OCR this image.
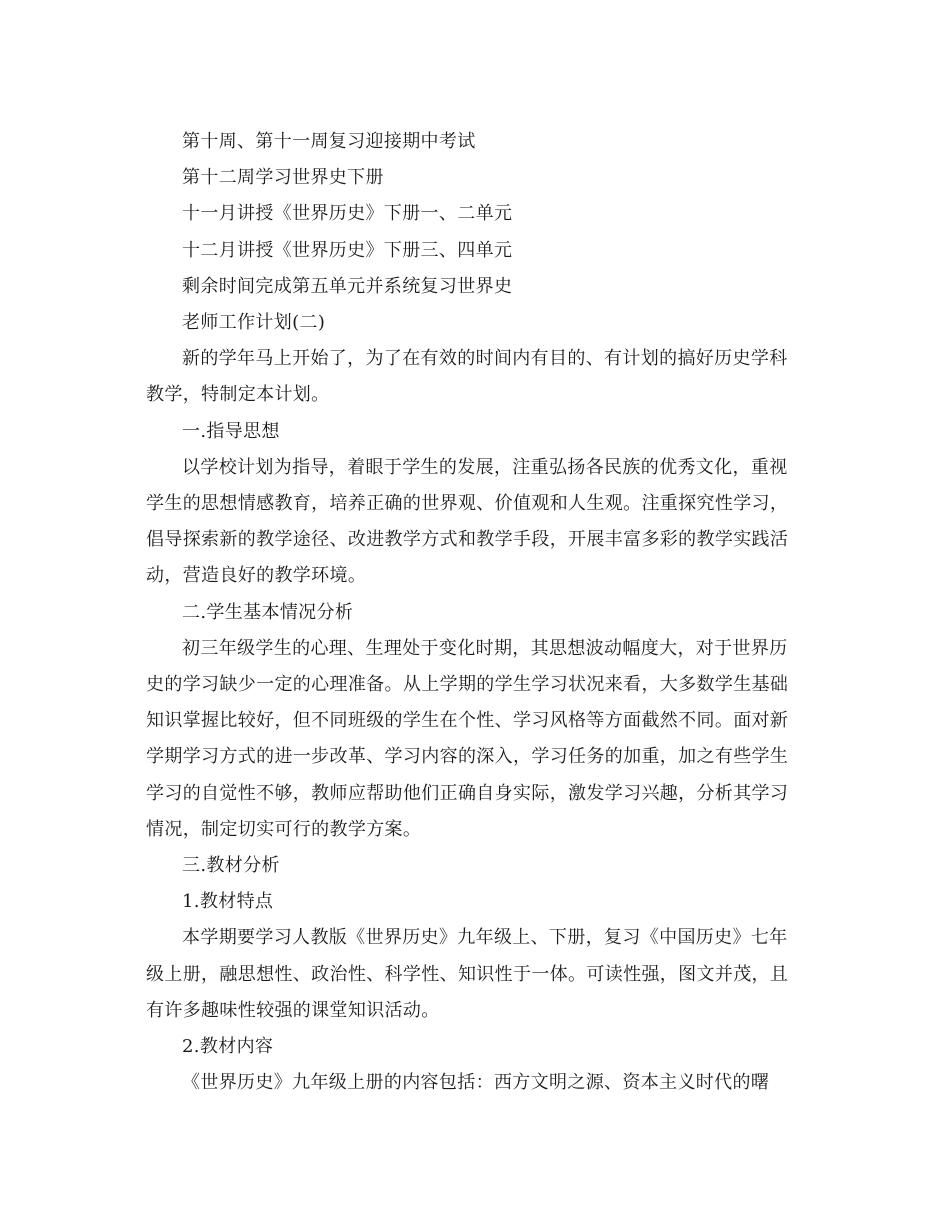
第十周、第十一周复习迎接期中考试

第十二周学习世界史下册

十一月讲授《世界历史》下册一、二单元

十二月讲授《世界历史》下册三、四单元

剩余时间完成第五单元并系统复习世界史

老师工作计划(二)

新的学年马上开始了，为了在有效的时间内有目的、有计划的搞好历史学科教学，特制定本计划。

一.指导思想

以学校计划为指导，着眼于学生的发展，注重弘扬各民族的优秀文化，重视学生的思想情感教育，培养正确的世界观、价值观和人生观。注重探究性学习，倡导探索新的教学途径、改进教学方式和教学手段，开展丰富多彩的教学实践活动，营造良好的教学环境。

二.学生基本情况分析

初三年级学生的心理、生理处于变化时期，其思想波动幅度大，对于世界历史的学习缺少一定的心理准备。从上学期的学生学习状况来看，大多数学生基础知识掌握比较好，但不同班级的学生在个性、学习风格等方面截然不同。面对新学期学习方式的进一步改革、学习内容的深入，学习任务的加重，加之有些学生学习的自觉性不够，教师应帮助他们正确自身实际，激发学习兴趣，分析其学习情况，制定切实可行的教学方案。

三.教材分析

1.教材特点

本学期要学习人教版《世界历史》九年级上、下册，复习《中国历史》七年级上册，融思想性、政治性、科学性、知识性于一体。可读性强，图文并茂，且有许多趣味性较强的课堂知识活动。

2.教材内容

《世界历史》九年级上册的内容包括：西方文明之源、资本主义时代的曙
